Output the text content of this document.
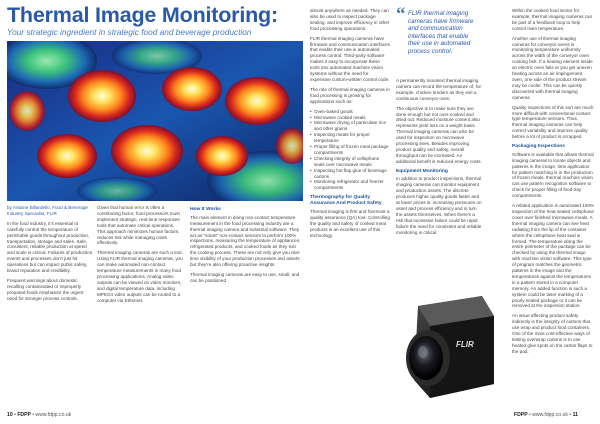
Thermal Image Monitoring:
Your strategic ingredient in strategic food and beverage production

by Antoine Billardello, Food & Beverage Industry Specialist, FLIR

In the food industry, it's essential to carefully control the temperature of perishable goods throughout production, transportation, storage and sales. Safe, consistent, reliable production at speed and scale is critical. Failures of production events and processes don't just hit operations but can impact public safety, brand reputation and credibility.

Frequent warnings about domestic recalling contaminated or improperly prepared foods emphasize the urgent need for stronger process controls.

Given that human error is often a contributing factor, food processors must implement strategic, real-time responses tools that automate critical operations. This approach minimizes human factors, reduces risk while managing costs effectively.

Thermal imaging cameras are such a tool. Using FLIR thermal imaging cameras, you can make automated non-contact temperature measurements in many food processing applications. Analog video outputs can be viewed on video monitors, and digital temperature data, including MPEG4 video outputs can be routed to a computer via Ethernet.

almost anywhere as needed. They can also be used to inspect package sealing, and improve efficiency in other food processing operations.

FLIR thermal imaging cameras have firmware and communication interfaces that enable their use in automated process control. Third-party software makes it easy to incorporate these tools into automated machine vision systems without the need for expensive custom-written control code.

The role of thermal imaging cameras in food processing is growing for applications such as:

• Oven-baked goods
• Microwave cooked meals
• Microwave drying of particulate rice and other grains
• Inspecting meats for proper temperature
• Proper filling of frozen meal package compartments
• Checking integrity of cellophane seals over microwave meals
• Inspecting hot flap glue of beverage cartons
• Monitoring refrigerator and freezer compartments
Thermography for Quality Assurance And Product Safety

Thermal imaging is first and foremost a quality assurance (QA) tool. Controlling the quality and safety of cooked meat products is an excellent use of this technology.

How It Works

The main element in doing non-contact temperature measurement in the food processing industry are a thermal imaging camera and industrial software. They act as "smart" non-contact sensors to perform 100% inspections, measuring the temperature of appliances, refrigerated products, and cooked foods as they exit the cooking process. These are not only give you real-time visibility of your production processes and assets but they're also offering proactive insights.

Thermal imaging cameras are easy to use, small, and can be positioned

“ FLIR thermal imaging cameras have firmware and communication interfaces that enable their use in automated process control.

A permanently mounted thermal imaging camera can record the temperature of, for example, chicken tenders as they exit a continuous conveyor oven.

The objective is to make sure they are done enough but not over-cooked and dried out. Reduced moisture content also represents yield loss on a weight basis. Thermal imaging cameras can also be used for inspection on microwave processing lines. Besides improving product quality and safety, overall throughput can be increased. An additional benefit is reduced energy costs.

Equipment Monitoring

In addition to product inspections, thermal imaging cameras can monitor equipment and production assets. The discrete produces higher quality goods faster and at lower prices is: increasing pressures on asset and process efficiency and in turn the assets themselves. When there's a risk that excessive failure could be rapid failure the need for consistent and reliable monitoring is critical.

Within the cooked food sector for example, thermal imaging cameras can be part of a feedback loop to help control oven temperature.

Another use of thermal imaging cameras for conveyor ovens is monitoring temperature uniformity across the width of the conveyor oven cooking belt. If a heating element inside an electric oven fails or you get uneven heating across an air impingement oven, one side of the product stream may be cooler. This can be quickly discovered with thermal imaging cameras.

Quality inspections of this sort are much more difficult with conventional contact type temperature sensors. Thus, thermal imaging cameras can help correct variability and improve quality before a lot of product is scrapped.

Packaging Inspections

Software is available that allows thermal imaging cameras to locate objects and patterns in the image, time application for pattern matching is in the production of frozen meals, thermal machine vision can use pattern recognition software to check for proper filling of food tray compartments.

A related application is automated 100% inspection of the heat sealed cellophane cover over finished microwave meals. A thermal imaging camera can see heat radiating from the lip of the container where the cellophane heat seal is formed. The temperature along the entire perimeter of the package can be checked by using the thermal image with machine vision software. This type of program matches the geometric patterns in the image and the temperatures against the temperatures in a pattern stored in a computer memory. An added function is such a system could be laser marking of a poorly sealed package or it can be removed at the inspection station.

An issue affecting product safety indirectly is the integrity of cartons that use wrap and product food containers. One of the most cost-effective ways of testing overwrap cartons is to use heated glue spots on the carton flaps to the pad.

FLIR
10 • FDPP • www.fdpp.co.uk	FDPP • www.fdpp.co.uk • 11
